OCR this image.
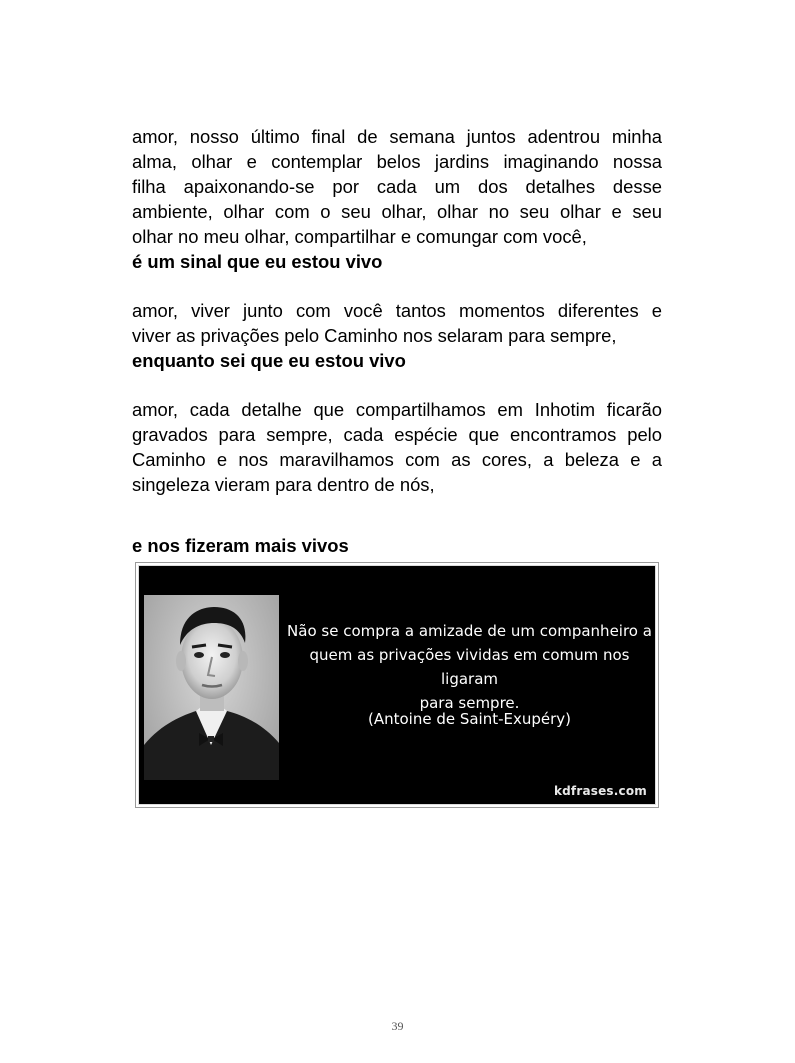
amor, nosso último final de semana juntos adentrou minha
alma, olhar e contemplar belos jardins imaginando nossa
filha apaixonando-se por cada um dos detalhes desse
ambiente, olhar com o seu olhar, olhar no seu olhar e seu
olhar no meu olhar, compartilhar e comungar com você,

é um sinal que eu estou vivo

amor, viver junto com você tantos momentos diferentes e
viver as privações pelo Caminho nos selaram para sempre,

enquanto sei que eu estou vivo

amor, cada detalhe que compartilhamos em Inhotim ficarão
gravados para sempre, cada espécie que encontramos pelo
Caminho e nos maravilhamos com as cores, a beleza e a
singeleza vieram para dentro de nós,

e nos fizeram mais vivos

Não se compra a amizade de um companheiro a
quem as privações vividas em comum nos ligaram
para sempre.
(Antoine de Saint-Exupéry)
kdfrases.com
39
